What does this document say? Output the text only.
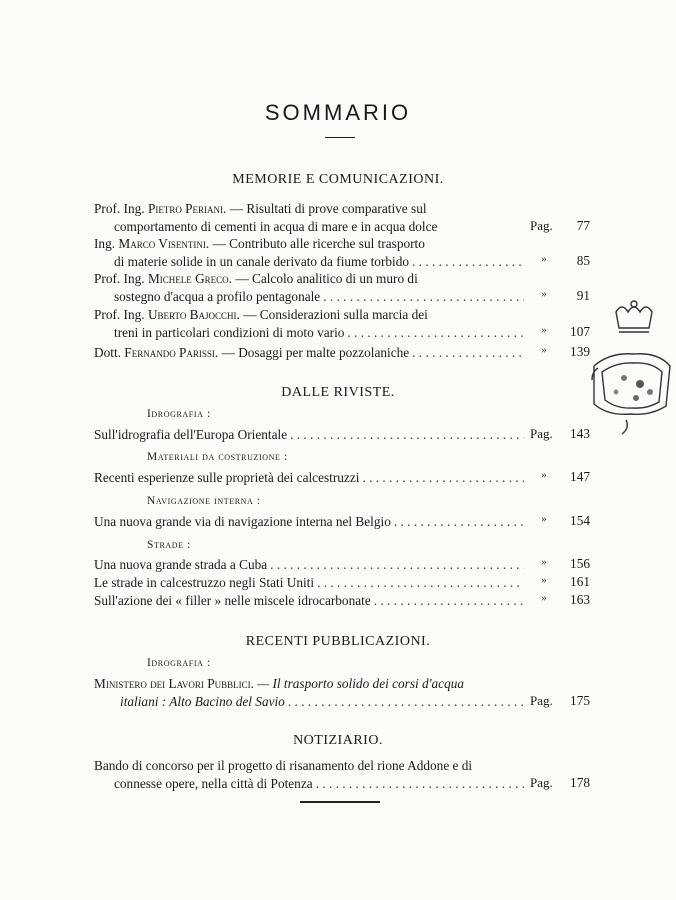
SOMMARIO
MEMORIE E COMUNICAZIONI.
Prof. Ing.
Pietro Periani.
— Risultati di prove comparative sul
comportamento di cementi in acqua di mare e in acqua dolce	Pag.	77
Ing.
Marco Visentini.
— Contributo alle ricerche sul trasporto
di materie solide in un canale derivato da fiume torbido . . .	»	85
Prof. Ing.
Michele Greco.
— Calcolo analitico di un muro di
sostegno d'acqua a profilo pentagonale . . .	»	91
Prof. Ing.
Uberto Bajocchi.
— Considerazioni sulla marcia dei
treni in particolari condizioni di moto vario . . .	»	107
Dott.
Fernando Parissi.
— Dosaggi per malte pozzolaniche . . .	»	139
DALLE RIVISTE.
Idrografia :
Sull'idrografia dell'Europa Orientale . . .	Pag.	143
Materiali da costruzione :
Recenti esperienze sulle proprietà dei calcestruzzi . . .	»	147
Navigazione interna :
Una nuova grande via di navigazione interna nel Belgio . . .	»	154
Strade :
Una nuova grande strada a Cuba . . .	»	156
Le strade in calcestruzzo negli Stati Uniti . . .	»	161
Sull'azione dei « filler » nelle miscele idrocarbonate . . .	»	163
RECENTI PUBBLICAZIONI.
Idrografia :
Ministero dei Lavori Pubblici.
— Il trasporto solido dei corsi d'acqua
italiani : Alto Bacino del Savio . . .	Pag.	175
NOTIZIARIO.
Bando di concorso per il progetto di risanamento del rione Addone e di
connesse opere, nella città di Potenza . . .	Pag.	178
